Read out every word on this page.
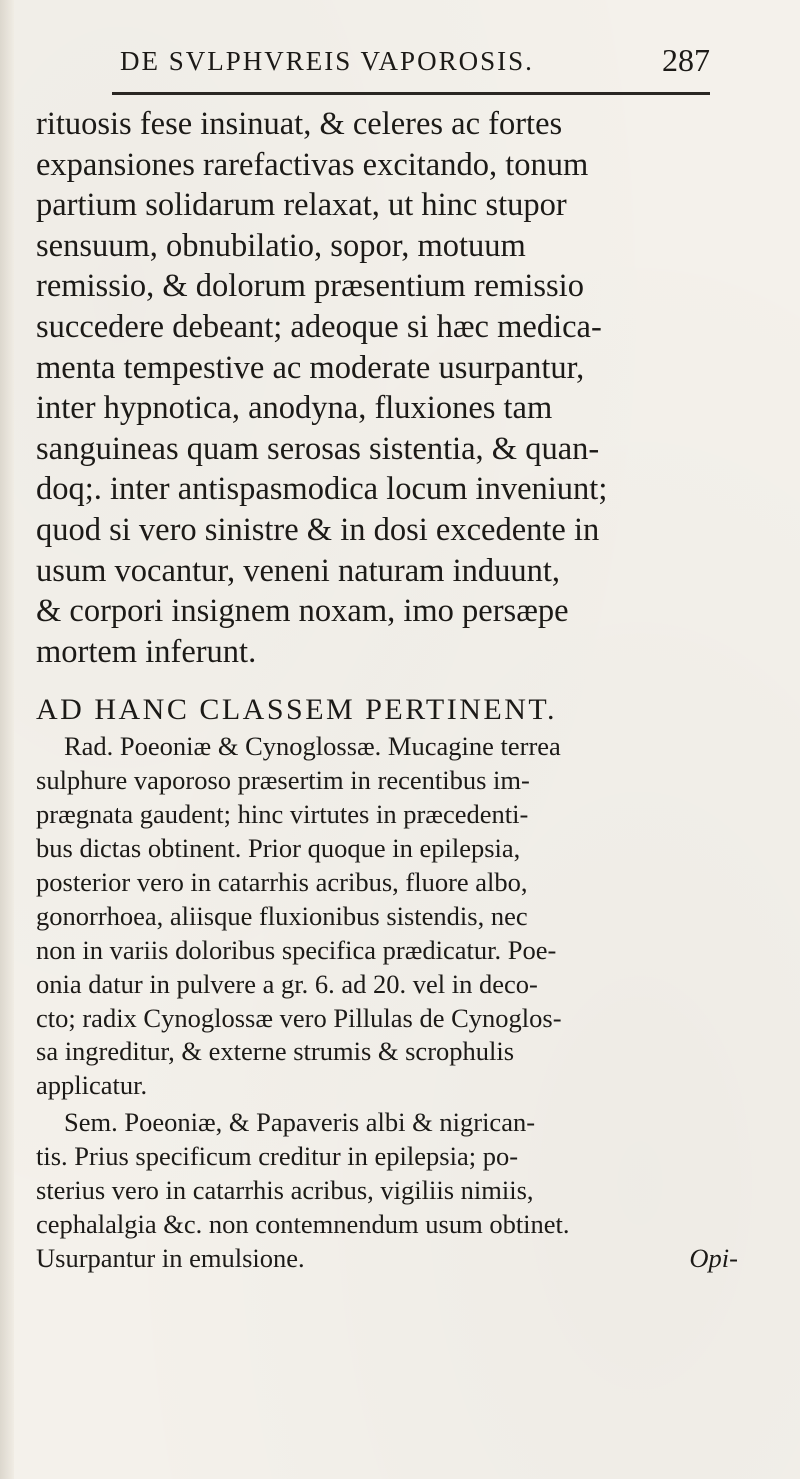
DE SVLPHVREIS VAPOROSIS.	287
rituosis fese insinuat, & celeres ac fortes
expansiones rarefactivas excitando, tonum
partium solidarum relaxat, ut hinc stupor
sensuum, obnubilatio, sopor, motuum
remissio, & dolorum præsentium remissio
succedere debeant; adeoque si hæc medica-
menta tempestive ac moderate usurpantur,
inter hypnotica, anodyna, fluxiones tam
sanguineas quam serosas sistentia, & quan-
doq;. inter antispasmodica locum inveniunt;
quod si vero sinistre & in dosi excedente in
usum vocantur, veneni naturam induunt,
& corpori insignem noxam, imo persæpe
mortem inferunt.
AD HANC CLASSEM PERTINENT.
Rad. Poeoniæ & Cynoglossæ. Mucagine terrea
sulphure vaporoso præsertim in recentibus im-
prægnata gaudent; hinc virtutes in præcedenti-
bus dictas obtinent. Prior quoque in epilepsia,
posterior vero in catarrhis acribus, fluore albo,
gonorrhoea, aliisque fluxionibus sistendis, nec
non in variis doloribus specifica prædicatur. Poe-
onia datur in pulvere a gr. 6. ad 20. vel in deco-
cto; radix Cynoglossæ vero Pillulas de Cynoglos-
sa ingreditur, & externe strumis & scrophulis
applicatur.
Sem. Poeoniæ, & Papaveris albi & nigrican-
tis. Prius specificum creditur in epilepsia; po-
sterius vero in catarrhis acribus, vigiliis nimiis,
cephalalgia &c. non contemnendum usum obtinet.
Usurpantur in emulsione.	Opi-
